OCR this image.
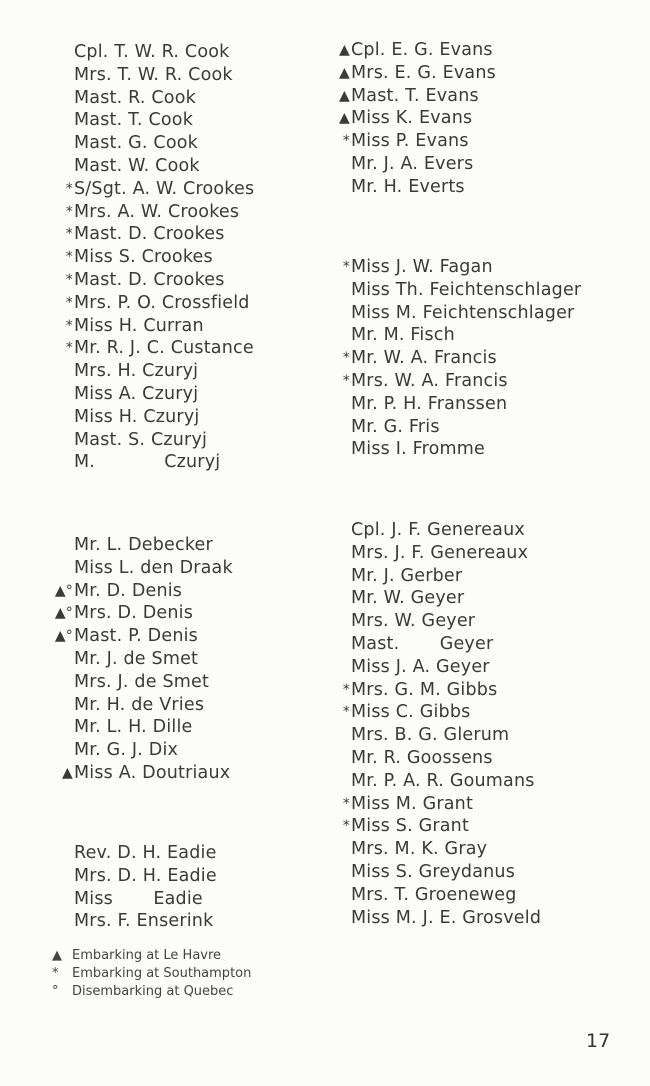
Cpl. T. W. R. Cook
Mrs. T. W. R. Cook
Mast. R. Cook
Mast. T. Cook
Mast. G. Cook
Mast. W. Cook
* S/Sgt. A. W. Crookes
* Mrs. A. W. Crookes
* Mast. D. Crookes
* Miss S. Crookes
* Mast. D. Crookes
* Mrs. P. O. Crossfield
* Miss H. Curran
* Mr. R. J. C. Custance
Mrs. H. Czuryj
Miss A. Czuryj
Miss H. Czuryj
Mast. S. Czuryj
M.            Czuryj
Mr. L. Debecker
Miss L. den Draak
▲° Mr. D. Denis
▲° Mrs. D. Denis
▲° Mast. P. Denis
Mr. J. de Smet
Mrs. J. de Smet
Mr. H. de Vries
Mr. L. H. Dille
Mr. G. J. Dix
▲ Miss A. Doutriaux
Rev. D. H. Eadie
Mrs. D. H. Eadie
Miss       Eadie
Mrs. F. Enserink
▲ Cpl. E. G. Evans
▲ Mrs. E. G. Evans
▲ Mast. T. Evans
▲ Miss K. Evans
* Miss P. Evans
Mr. J. A. Evers
Mr. H. Everts
* Miss J. W. Fagan
Miss Th. Feichtenschlager
Miss M. Feichtenschlager
Mr. M. Fisch
* Mr. W. A. Francis
* Mrs. W. A. Francis
Mr. P. H. Franssen
Mr. G. Fris
Miss I. Fromme
Cpl. J. F. Genereaux
Mrs. J. F. Genereaux
Mr. J. Gerber
Mr. W. Geyer
Mrs. W. Geyer
Mast.       Geyer
Miss J. A. Geyer
* Mrs. G. M. Gibbs
* Miss C. Gibbs
Mrs. B. G. Glerum
Mr. R. Goossens
Mr. P. A. R. Goumans
* Miss M. Grant
* Miss S. Grant
Mrs. M. K. Gray
Miss S. Greydanus
Mrs. T. Groeneweg
Miss M. J. E. Grosveld
▲ Embarking at Le Havre
* Embarking at Southampton
° Disembarking at Quebec
17
